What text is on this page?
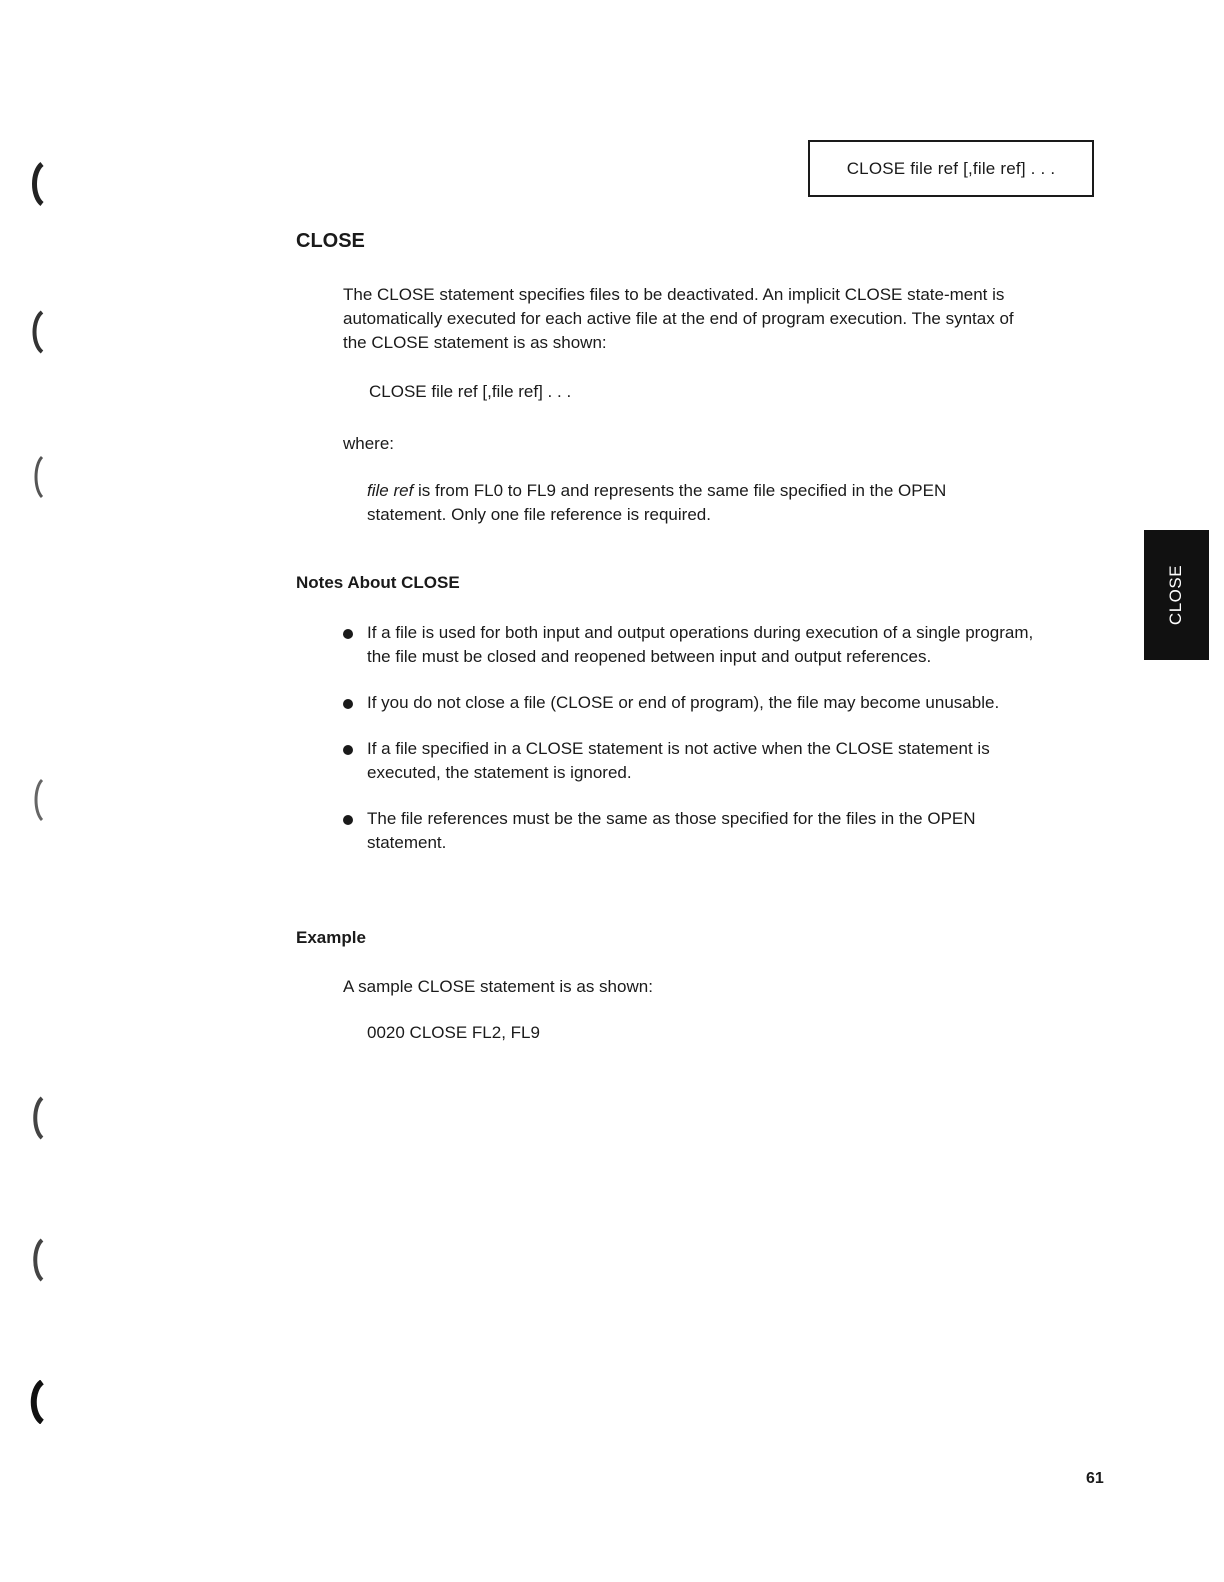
CLOSE file ref [,file ref] . . .
CLOSE

The CLOSE statement specifies files to be deactivated. An implicit CLOSE state-ment is automatically executed for each active file at the end of program execution. The syntax of the CLOSE statement is as shown:

CLOSE file ref [,file ref] . . .

where:

file ref is from FL0 to FL9 and represents the same file specified in the OPEN statement. Only one file reference is required.

Notes About CLOSE
If a file is used for both input and output operations during execution of a single program, the file must be closed and reopened between input and output references.
If you do not close a file (CLOSE or end of program), the file may become unusable.
If a file specified in a CLOSE statement is not active when the CLOSE statement is executed, the statement is ignored.
The file references must be the same as those specified for the files in the OPEN statement.
Example

A sample CLOSE statement is as shown:

0020 CLOSE FL2, FL9

CLOSE
61
